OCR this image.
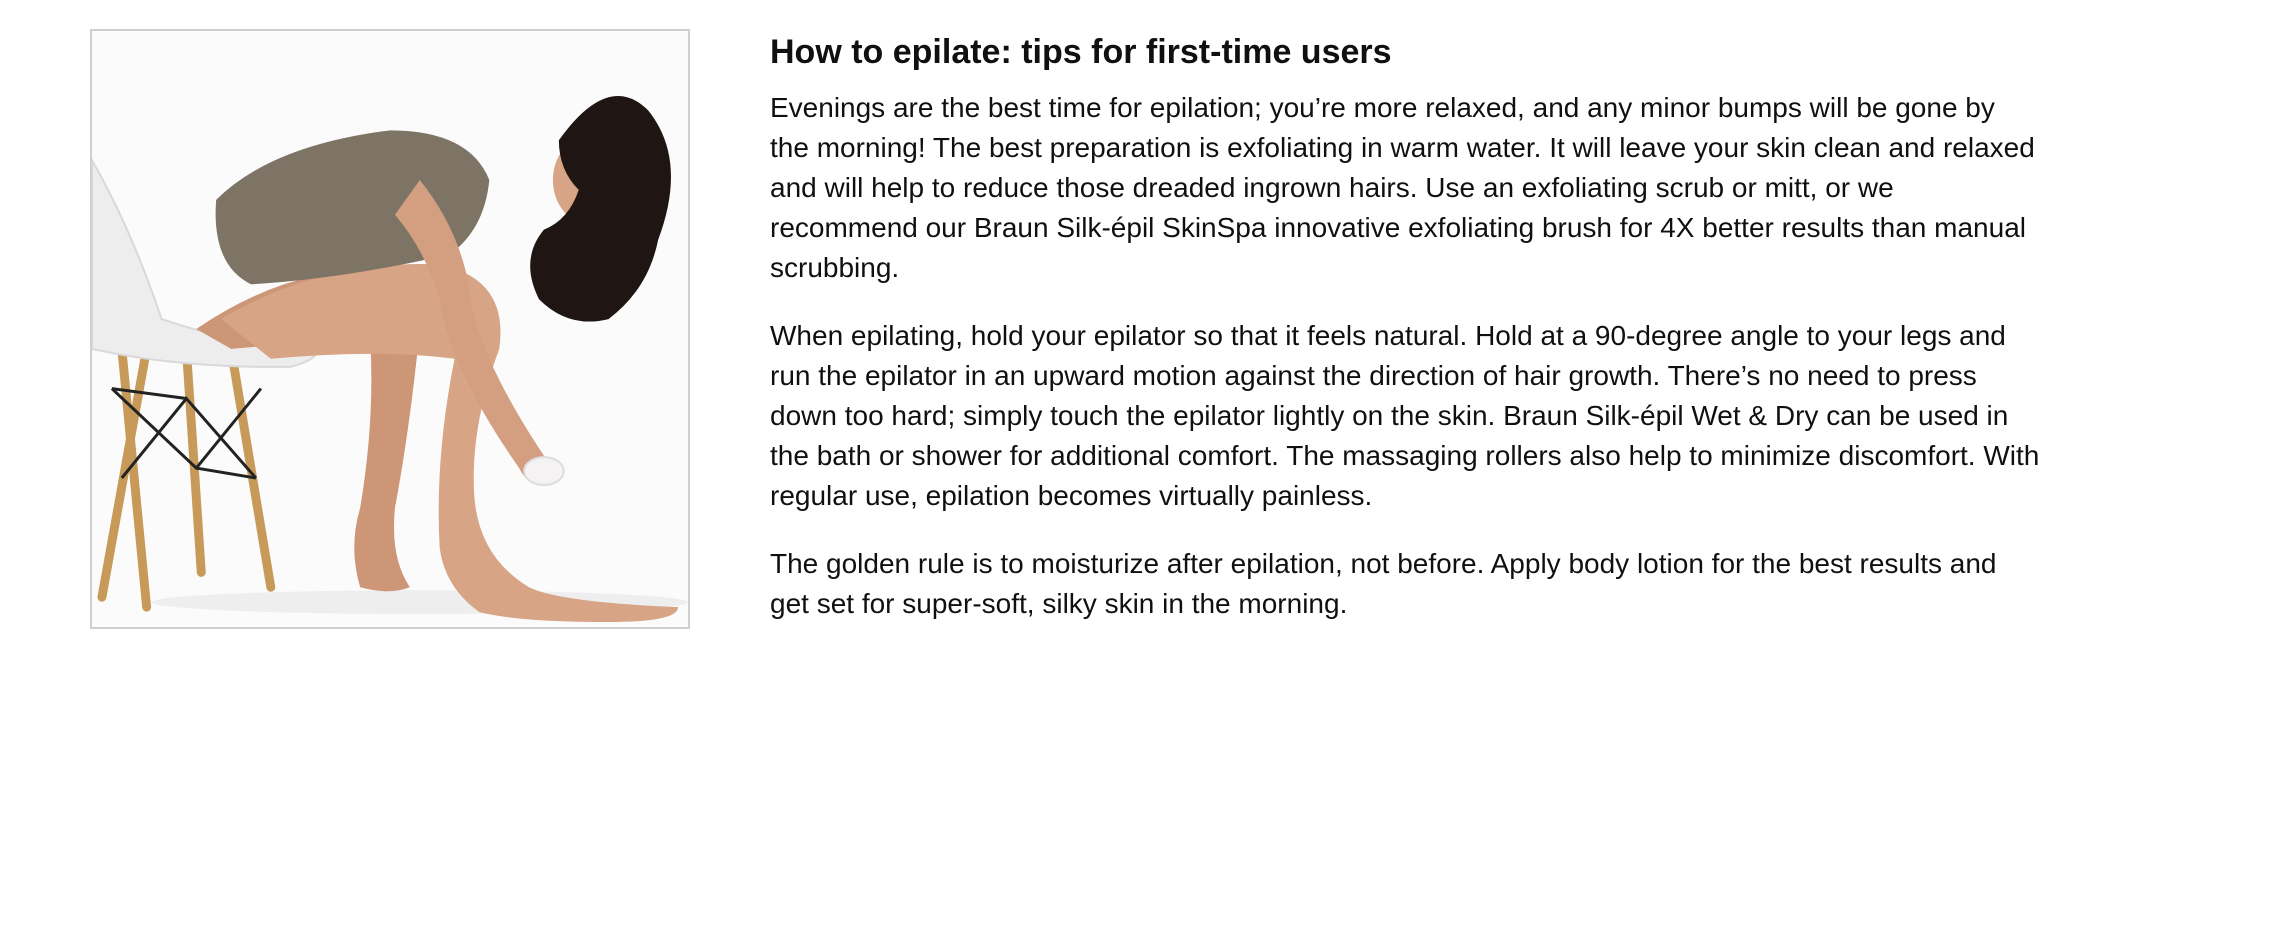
How to epilate: tips for first-time users

Evenings are the best time for epilation; you’re more relaxed, and any minor bumps will be gone by the morning! The best preparation is exfoliating in warm water. It will leave your skin clean and relaxed and will help to reduce those dreaded ingrown hairs. Use an exfoliating scrub or mitt, or we recommend our Braun Silk-épil SkinSpa innovative exfoliating brush for 4X better results than manual scrubbing.

When epilating, hold your epilator so that it feels natural. Hold at a 90-degree angle to your legs and run the epilator in an upward motion against the direction of hair growth. There’s no need to press down too hard; simply touch the epilator lightly on the skin. Braun Silk-épil Wet & Dry can be used in the bath or shower for additional comfort. The massaging rollers also help to minimize discomfort. With regular use, epilation becomes virtually painless.

The golden rule is to moisturize after epilation, not before. Apply body lotion for the best results and get set for super-soft, silky skin in the morning.
